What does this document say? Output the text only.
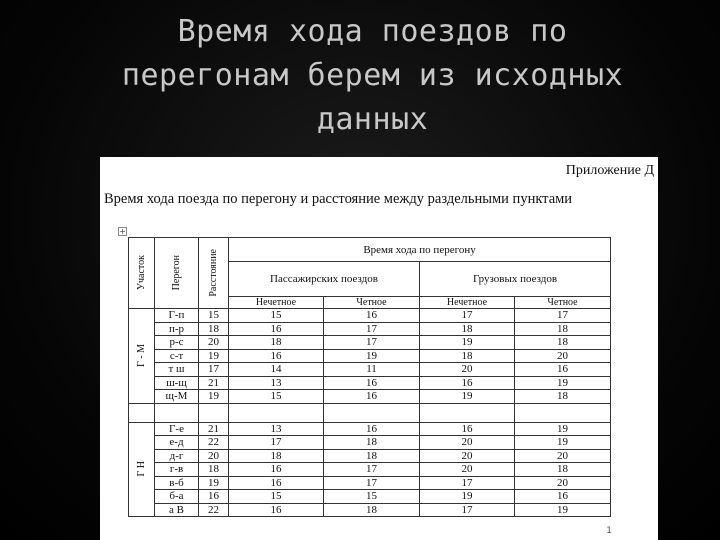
Время хода поездов по
перегонам берем из исходных
данных
Приложение Д
Время хода поезда по перегону и расстояние между раздельными пунктами
+
Участок	Перегон	Расстояние	Время хода по перегону			
			Пассажирских поездов		Грузовых поездов	
			Нечетное	Четное	Нечетное	Четное

Г - М	Г-п	15	15	16	17	17
	п-р	18	16	17	18	18
	р-с	20	18	17	19	18
	с-т	19	16	19	18	20
	т ш	17	14	11	20	16
	ш-щ	21	13	16	16	19
	щ-М	19	15	16	19	18

Г Н	Г-е	21	13	16	16	19
	е-д	22	17	18	20	19
	д-г	20	18	18	20	20
	г-в	18	16	17	20	18
	в-б	19	16	17	17	20
	б-а	16	15	15	19	16
	а В	22	16	18	17	19
1
